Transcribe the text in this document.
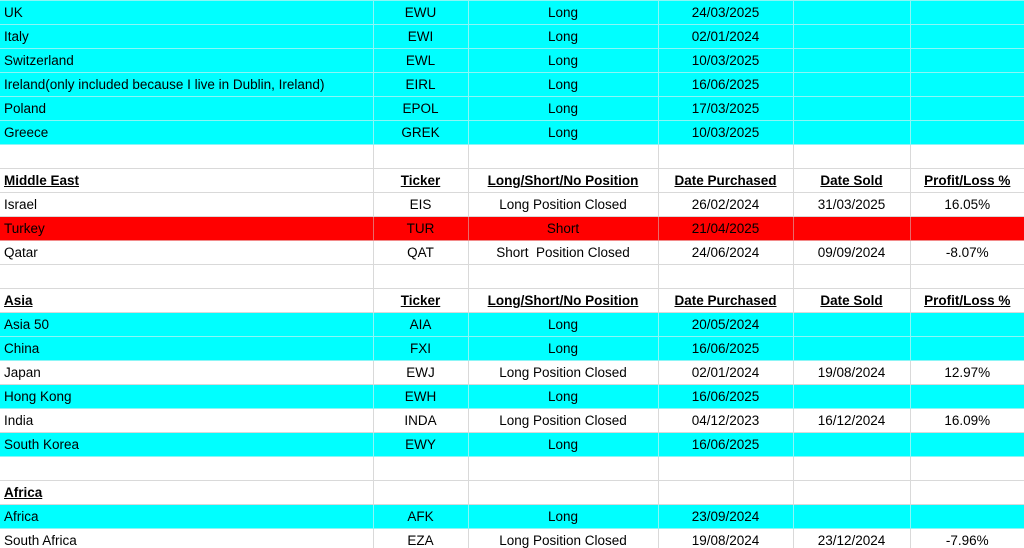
UK	EWU	Long	24/03/2025		
Italy	EWI	Long	02/01/2024		
Switzerland	EWL	Long	10/03/2025		
Ireland(only included because I live in Dublin, Ireland)	EIRL	Long	16/06/2025		
Poland	EPOL	Long	17/03/2025		
Greece	GREK	Long	10/03/2025		

Middle East	Ticker	Long/Short/No Position	Date Purchased	Date Sold	Profit/Loss %
Israel	EIS	Long Position Closed	26/02/2024	31/03/2025	16.05%
Turkey	TUR	Short	21/04/2025		
Qatar	QAT	Short  Position Closed	24/06/2024	09/09/2024	-8.07%

Asia	Ticker	Long/Short/No Position	Date Purchased	Date Sold	Profit/Loss %
Asia 50	AIA	Long	20/05/2024		
China	FXI	Long	16/06/2025		
Japan	EWJ	Long Position Closed	02/01/2024	19/08/2024	12.97%
Hong Kong	EWH	Long	16/06/2025		
India	INDA	Long Position Closed	04/12/2023	16/12/2024	16.09%
South Korea	EWY	Long	16/06/2025		

Africa					
Africa	AFK	Long	23/09/2024		
South Africa	EZA	Long Position Closed	19/08/2024	23/12/2024	-7.96%
